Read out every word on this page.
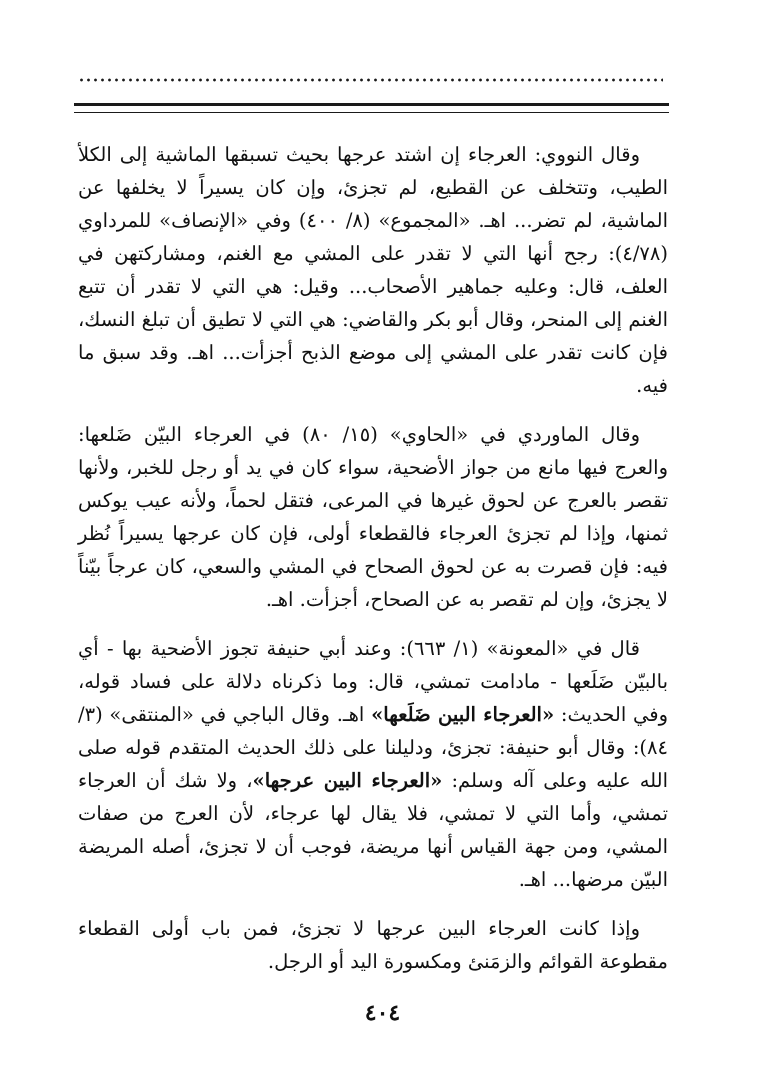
وقال النووي: العرجاء إن اشتد عرجها بحيث تسبقها الماشية إلى الكلأ الطيب، وتتخلف عن القطيع، لم تجزئ، وإن كان يسيراً لا يخلفها عن الماشية، لم تضر... اهـ. «المجموع» (٨/ ٤٠٠) وفي «الإنصاف» للمرداوي (٤/٧٨): رجح أنها التي لا تقدر على المشي مع الغنم، ومشاركتهن في العلف، قال: وعليه جماهير الأصحاب... وقيل: هي التي لا تقدر أن تتبع الغنم إلى المنحر، وقال أبو بكر والقاضي: هي التي لا تطيق أن تبلغ النسك، فإن كانت تقدر على المشي إلى موضع الذبح أجزأت... اهـ. وقد سبق ما فيه.

وقال الماوردي في «الحاوي» (١٥/ ٨٠) في العرجاء البيّن ضَلعها: والعرج فيها مانع من جواز الأضحية، سواء كان في يد أو رجل للخبر، ولأنها تقصر بالعرج عن لحوق غيرها في المرعى، فتقل لحماً، ولأنه عيب يوكس ثمنها، وإذا لم تجزئ العرجاء فالقطعاء أولى، فإن كان عرجها يسيراً نُظر فيه: فإن قصرت به عن لحوق الصحاح في المشي والسعي، كان عرجاً بيّناً لا يجزئ، وإن لم تقصر به عن الصحاح، أجزأت. اهـ.

قال في «المعونة» (١/ ٦٦٣): وعند أبي حنيفة تجوز الأضحية بها - أي بالبيّن ضَلَعها - مادامت تمشي، قال: وما ذكرناه دلالة على فساد قوله، وفي الحديث: «العرجاء البين ضَلَعها» اهـ. وقال الباجي في «المنتقى» (٣/ ٨٤): وقال أبو حنيفة: تجزئ، ودليلنا على ذلك الحديث المتقدم قوله صلى الله عليه وعلى آله وسلم: «العرجاء البين عرجها»، ولا شك أن العرجاء تمشي، وأما التي لا تمشي، فلا يقال لها عرجاء، لأن العرج من صفات المشي، ومن جهة القياس أنها مريضة، فوجب أن لا تجزئ، أصله المريضة البيّن مرضها... اهـ.

وإذا كانت العرجاء البين عرجها لا تجزئ، فمن باب أولى القطعاء مقطوعة القوائم والزمَنئ ومكسورة اليد أو الرجل.

٤٠٤
